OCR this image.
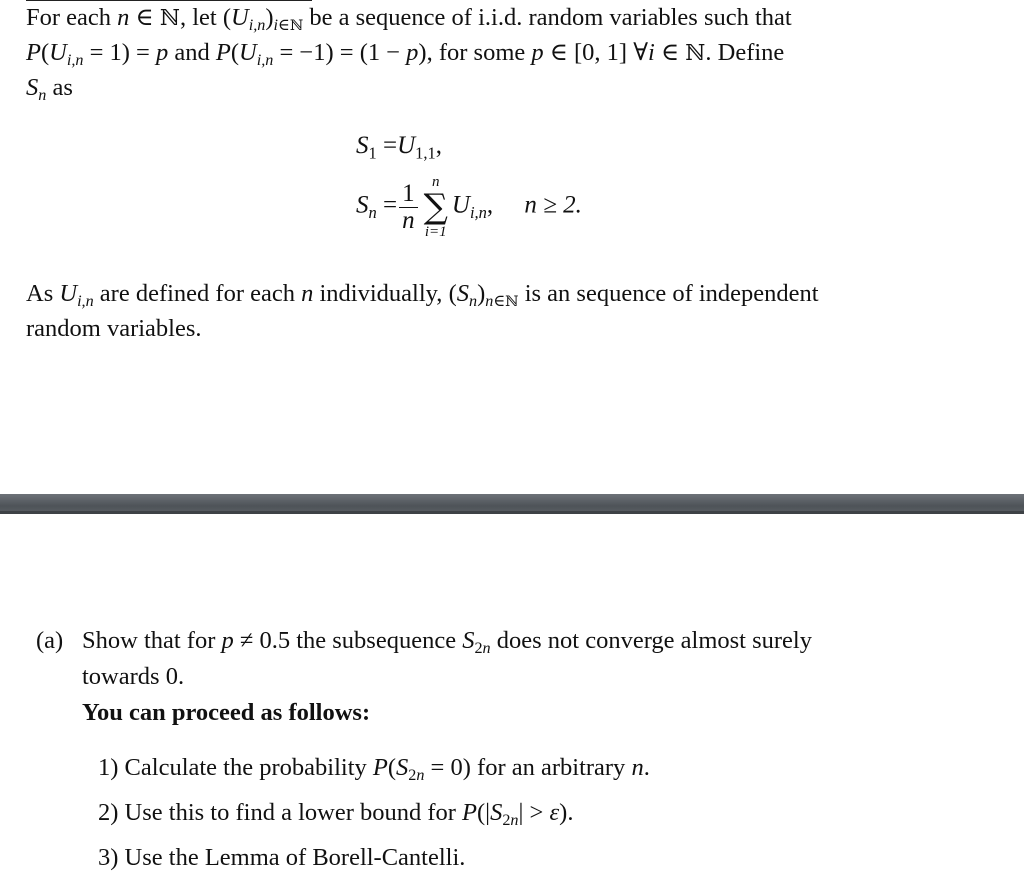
For each n ∈ ℕ, let $(U_{i,n})_{i\in ℕ}$ be a sequence of i.i.d. random variables such that
$P(U_{i,n} = 1) = p$ and $P(U_{i,n} = -1) = (1 - p)$, for some p ∈ [0, 1] ∀i ∈ ℕ. Define
$S_n$ as
$S_1 =U_{1,1}$,
$S_n = \frac{1}{n}$ n
∑
i=1
$U_{i,n}$,     n ≥ 2.
As $U_{i,n}$ are defined for each n individually, $(S_n)_{n\in ℕ}$ is an sequence of independent
random variables.
(a) Show that for p ≠ 0.5 the subsequence $S_{2n}$ does not converge almost surely
towards 0.
You can proceed as follows:
1) Calculate the probability $P(S_{2n} = 0)$ for an arbitrary n.
2) Use this to find a lower bound for $P(|S_{2n}| > \varepsilon)$.
3) Use the Lemma of Borell-Cantelli.
